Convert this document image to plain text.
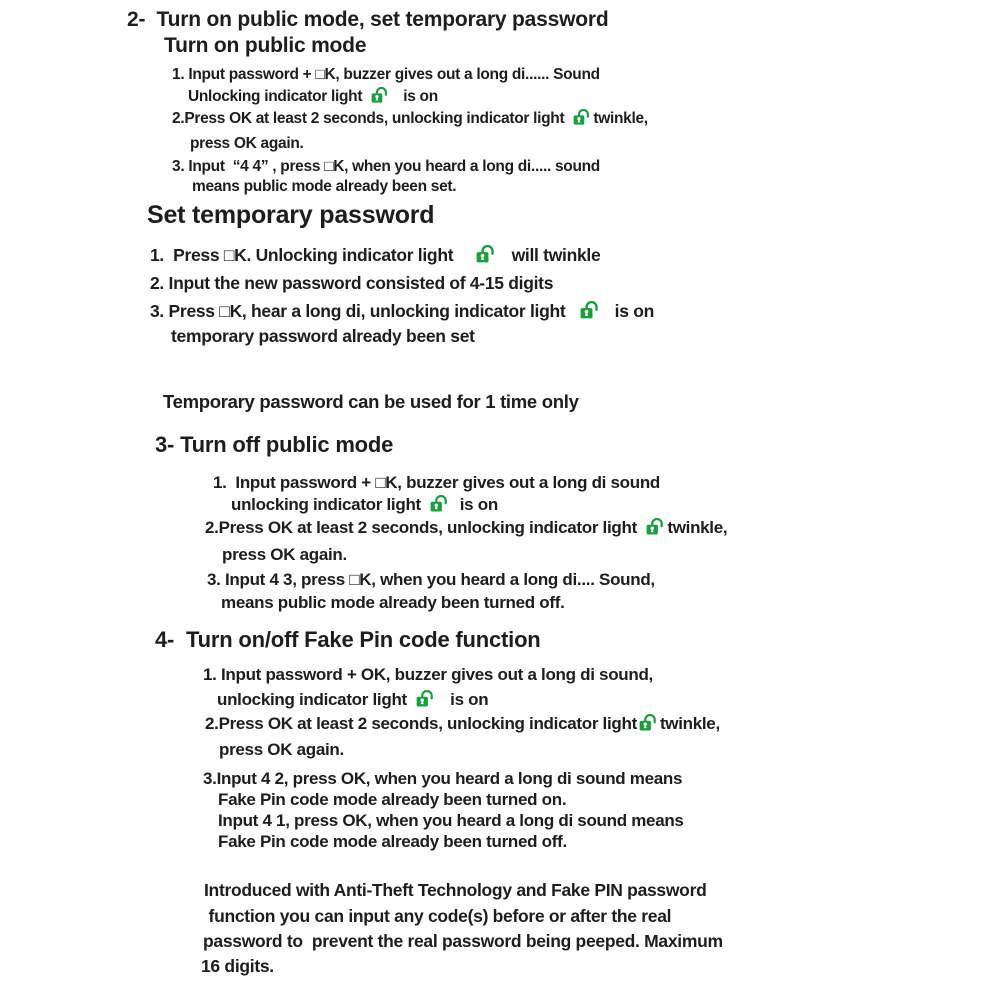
2-  Turn on public mode, set temporary password
Turn on public mode
1. Input password + □K, buzzer gives out a long di...... Sound
Unlocking indicator light   is on
2.Press OK at least 2 seconds, unlocking indicator light twinkle,
press OK again.
3. Input  “4 4” , press □K, when you heard a long di..... sound
means public mode already been set.
Set temporary password
1.  Press □K. Unlocking indicator light      will twinkle
2. Input the new password consisted of 4-15 digits
3. Press □K, hear a long di, unlocking indicator light    is on
temporary password already been set
Temporary password can be used for 1 time only
3- Turn off public mode
1.  Input password + □K, buzzer gives out a long di sound
unlocking indicator light  is on
2.Press OK at least 2 seconds, unlocking indicator light twinkle,
press OK again.
3. Input 4 3, press □K, when you heard a long di.... Sound,
means public mode already been turned off.
4-  Turn on/off Fake Pin code function
1. Input password + OK, buzzer gives out a long di sound,
unlocking indicator light   is on
2.Press OK at least 2 seconds, unlocking indicator light twinkle,
press OK again.
3.Input 4 2, press OK, when you heard a long di sound means
Fake Pin code mode already been turned on.
Input 4 1, press OK, when you heard a long di sound means
Fake Pin code mode already been turned off.
Introduced with Anti-Theft Technology and Fake PIN password
function you can input any code(s) before or after the real
password to  prevent the real password being peeped. Maximum
16 digits.
